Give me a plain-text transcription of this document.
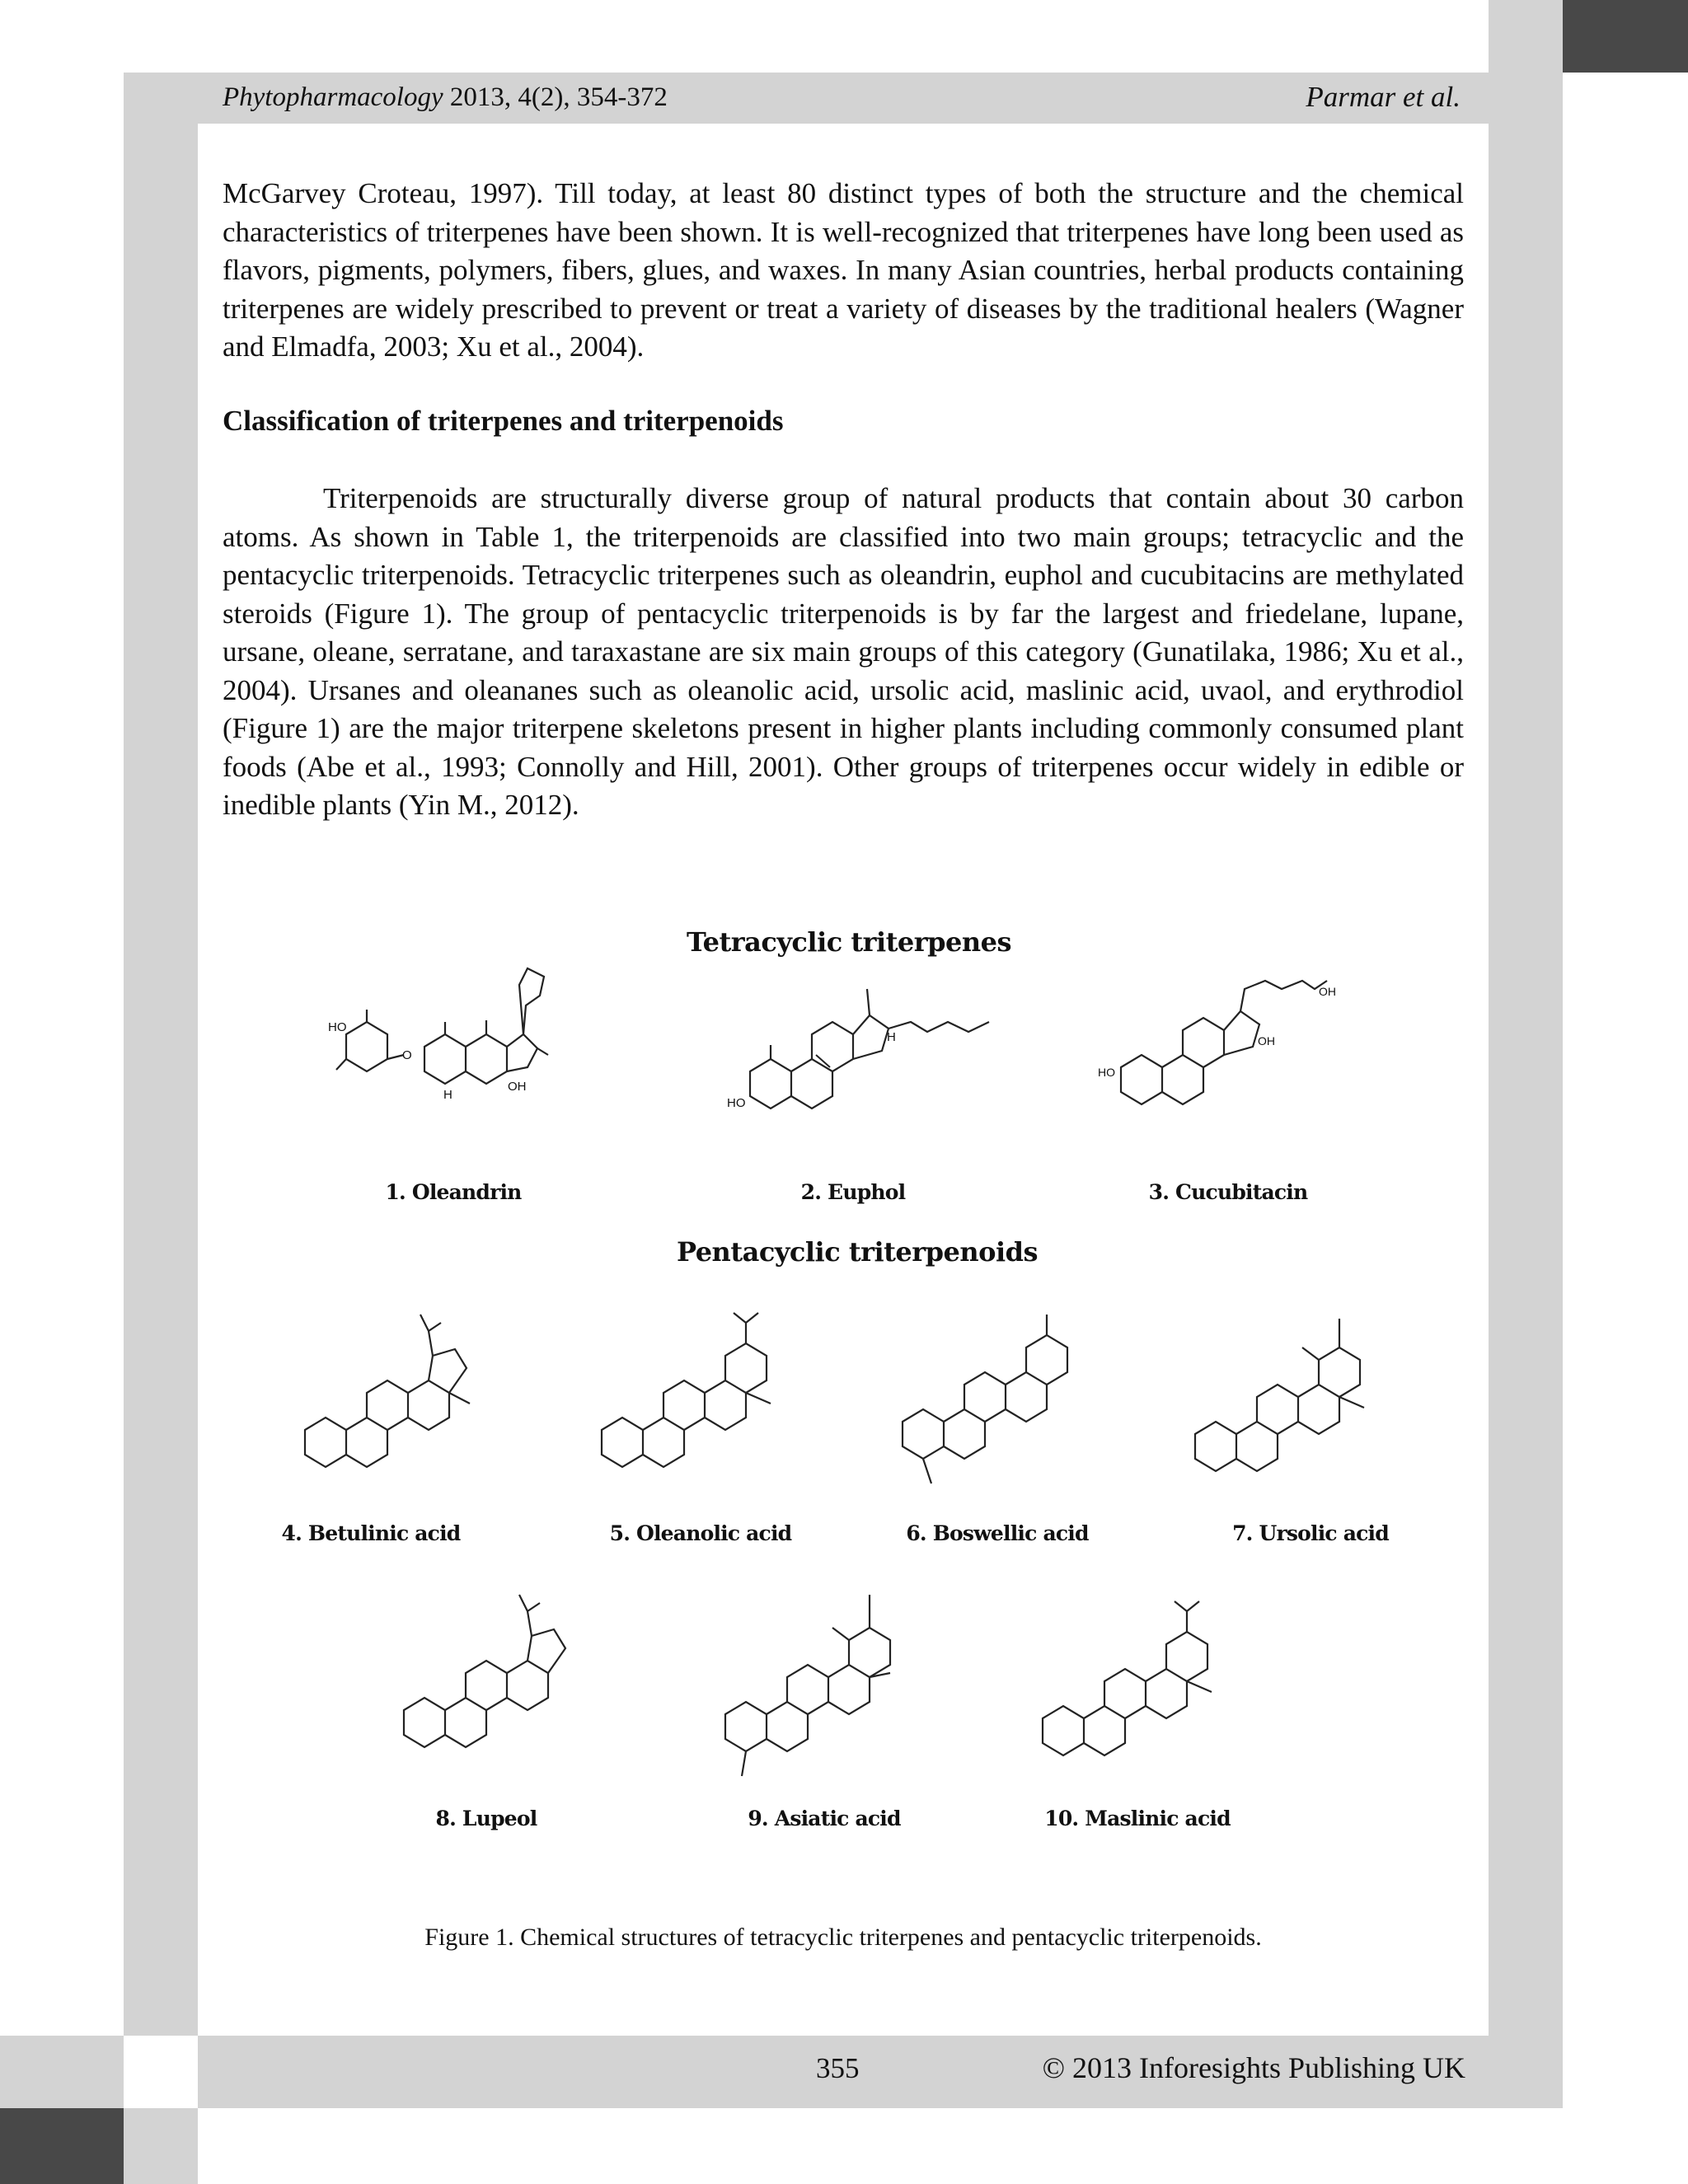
Phytopharmacology 2013, 4(2), 354-372	Parmar et al.

McGarvey Croteau, 1997). Till today, at least 80 distinct types of both the structure and the chemical characteristics of triterpenes have been shown. It is well-recognized that triterpenes have long been used as flavors, pigments, polymers, fibers, glues, and waxes. In many Asian countries, herbal products containing triterpenes are widely prescribed to prevent or treat a variety of diseases by the traditional healers (Wagner and Elmadfa, 2003; Xu et al., 2004).

Classification of triterpenes and triterpenoids

Triterpenoids are structurally diverse group of natural products that contain about 30 carbon atoms. As shown in Table 1, the triterpenoids are classified into two main groups; tetracyclic and the pentacyclic triterpenoids. Tetracyclic triterpenes such as oleandrin, euphol and cucubitacins are methylated steroids (Figure 1). The group of pentacyclic triterpenoids is by far the largest and friedelane, lupane, ursane, oleane, serratane, and taraxastane are six main groups of this category (Gunatilaka, 1986; Xu et al., 2004). Ursanes and oleananes such as oleanolic acid, ursolic acid, maslinic acid, uvaol, and erythrodiol (Figure 1) are the major triterpene skeletons present in higher plants including commonly consumed plant foods (Abe et al., 1993; Connolly and Hill, 2001). Other groups of triterpenes occur widely in edible or inedible plants (Yin M., 2012).

Tetracyclic triterpenes
Pentacyclic triterpenoids
HO
OH
H
O
1. Oleandrin
HO
H
2. Euphol
HO
OH
OH
3. Cucubitacin
4. Betulinic acid	5. Oleanolic acid	6. Boswellic acid	7. Ursolic acid
8. Lupeol	9. Asiatic acid	10. Maslinic acid
Figure 1. Chemical structures of tetracyclic triterpenes and pentacyclic triterpenoids.
355	© 2013 Inforesights Publishing UK
